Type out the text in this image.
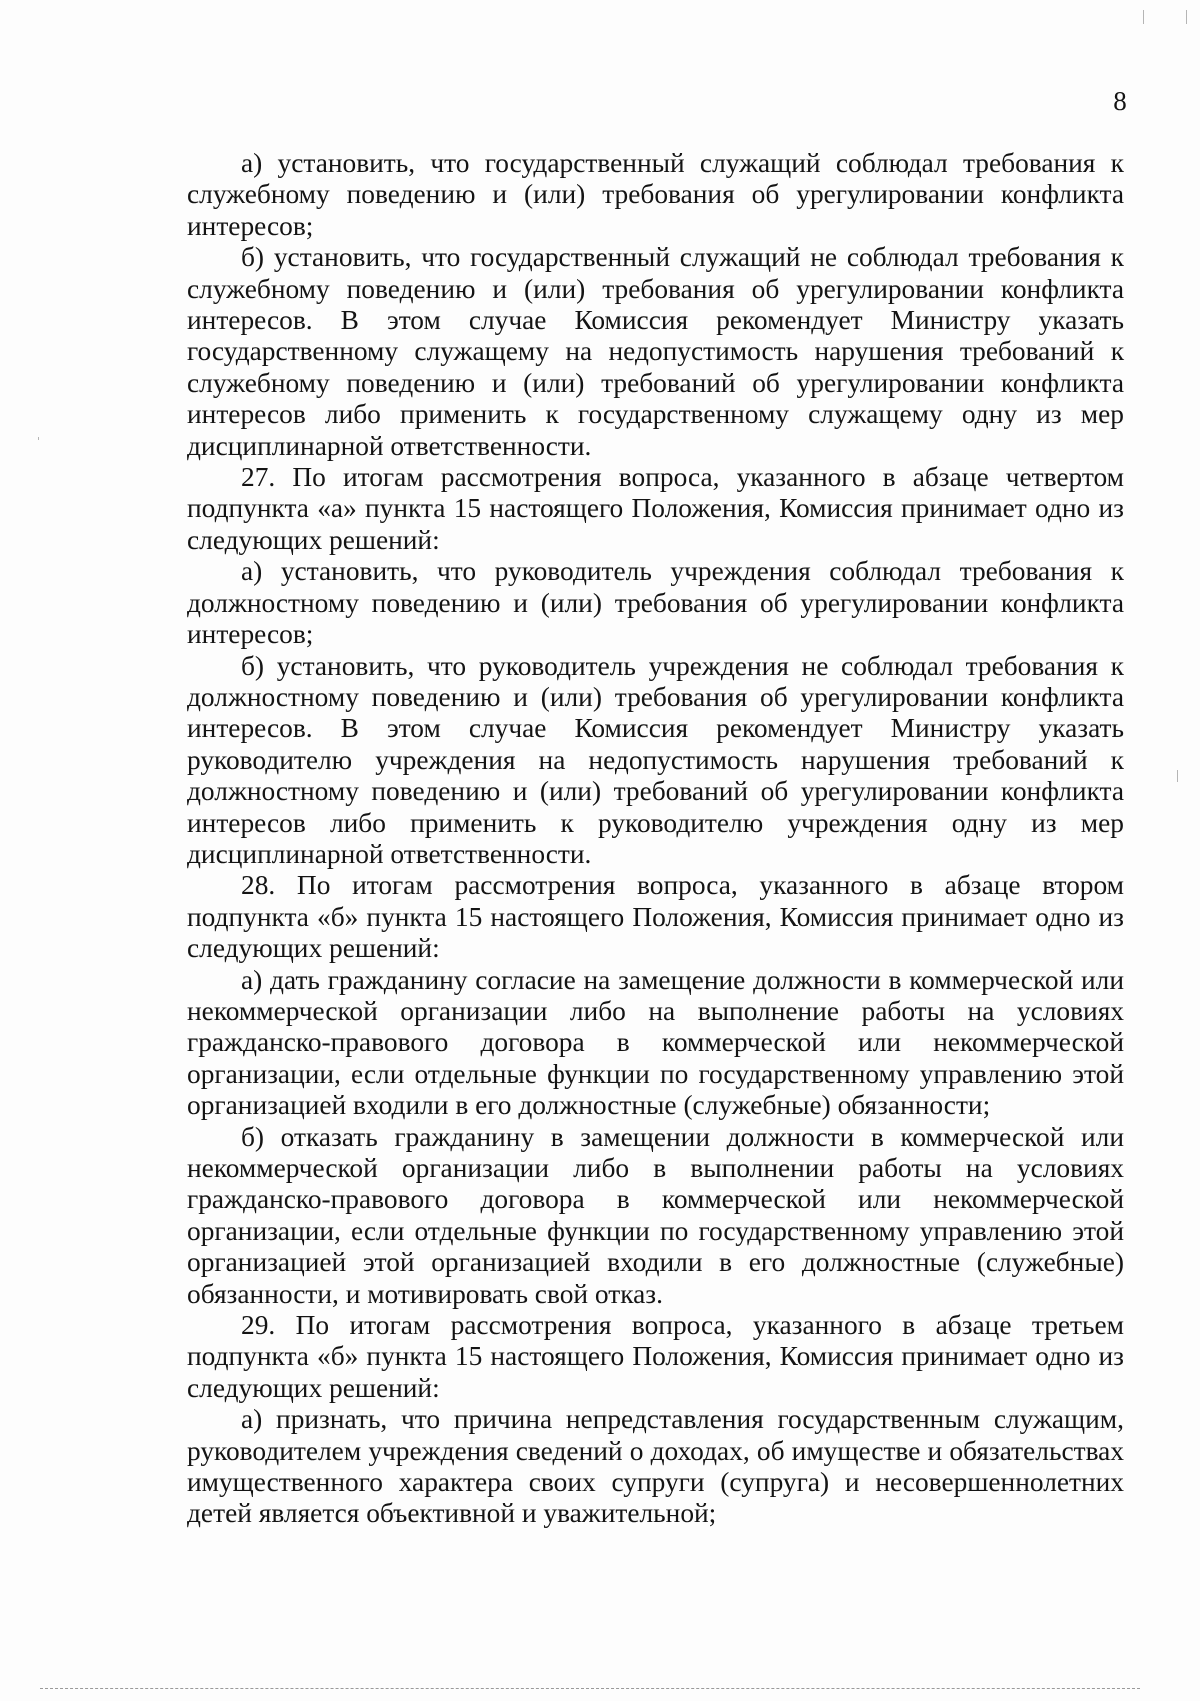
8

а) установить, что государственный служащий соблюдал требования к служебному поведению и (или) требования об урегулировании конфликта интересов;

б) установить, что государственный служащий не соблюдал требования к служебному поведению и (или) требования об урегулировании конфликта интересов. В этом случае Комиссия рекомендует Министру указать государственному служащему на недопустимость нарушения требований к служебному поведению и (или) требований об урегулировании конфликта интересов либо применить к государственному служащему одну из мер дисциплинарной ответственности.

27. По итогам рассмотрения вопроса, указанного в абзаце четвертом подпункта «а» пункта 15 настоящего Положения, Комиссия принимает одно из следующих решений:

а) установить, что руководитель учреждения соблюдал требования к должностному поведению и (или) требования об урегулировании конфликта интересов;

б) установить, что руководитель учреждения не соблюдал требования к должностному поведению и (или) требования об урегулировании конфликта интересов. В этом случае Комиссия рекомендует Министру указать руководителю учреждения на недопустимость нарушения требований к должностному поведению и (или) требований об урегулировании конфликта интересов либо применить к руководителю учреждения одну из мер дисциплинарной ответственности.

28. По итогам рассмотрения вопроса, указанного в абзаце втором подпункта «б» пункта 15 настоящего Положения, Комиссия принимает одно из следующих решений:

а) дать гражданину согласие на замещение должности в коммерческой или некоммерческой организации либо на выполнение работы на условиях гражданско-правового договора в коммерческой или некоммерческой организации, если отдельные функции по государственному управлению этой организацией входили в его должностные (служебные) обязанности;

б) отказать гражданину в замещении должности в коммерческой или некоммерческой организации либо в выполнении работы на условиях гражданско-правового договора в коммерческой или некоммерческой организации, если отдельные функции по государственному управлению этой организацией этой организацией входили в его должностные (служебные) обязанности, и мотивировать свой отказ.

29. По итогам рассмотрения вопроса, указанного в абзаце третьем подпункта «б» пункта 15 настоящего Положения, Комиссия принимает одно из следующих решений:

а) признать, что причина непредставления государственным служащим, руководителем учреждения сведений о доходах, об имуществе и обязательствах имущественного характера своих супруги (супруга) и несовершеннолетних детей является объективной и уважительной;
